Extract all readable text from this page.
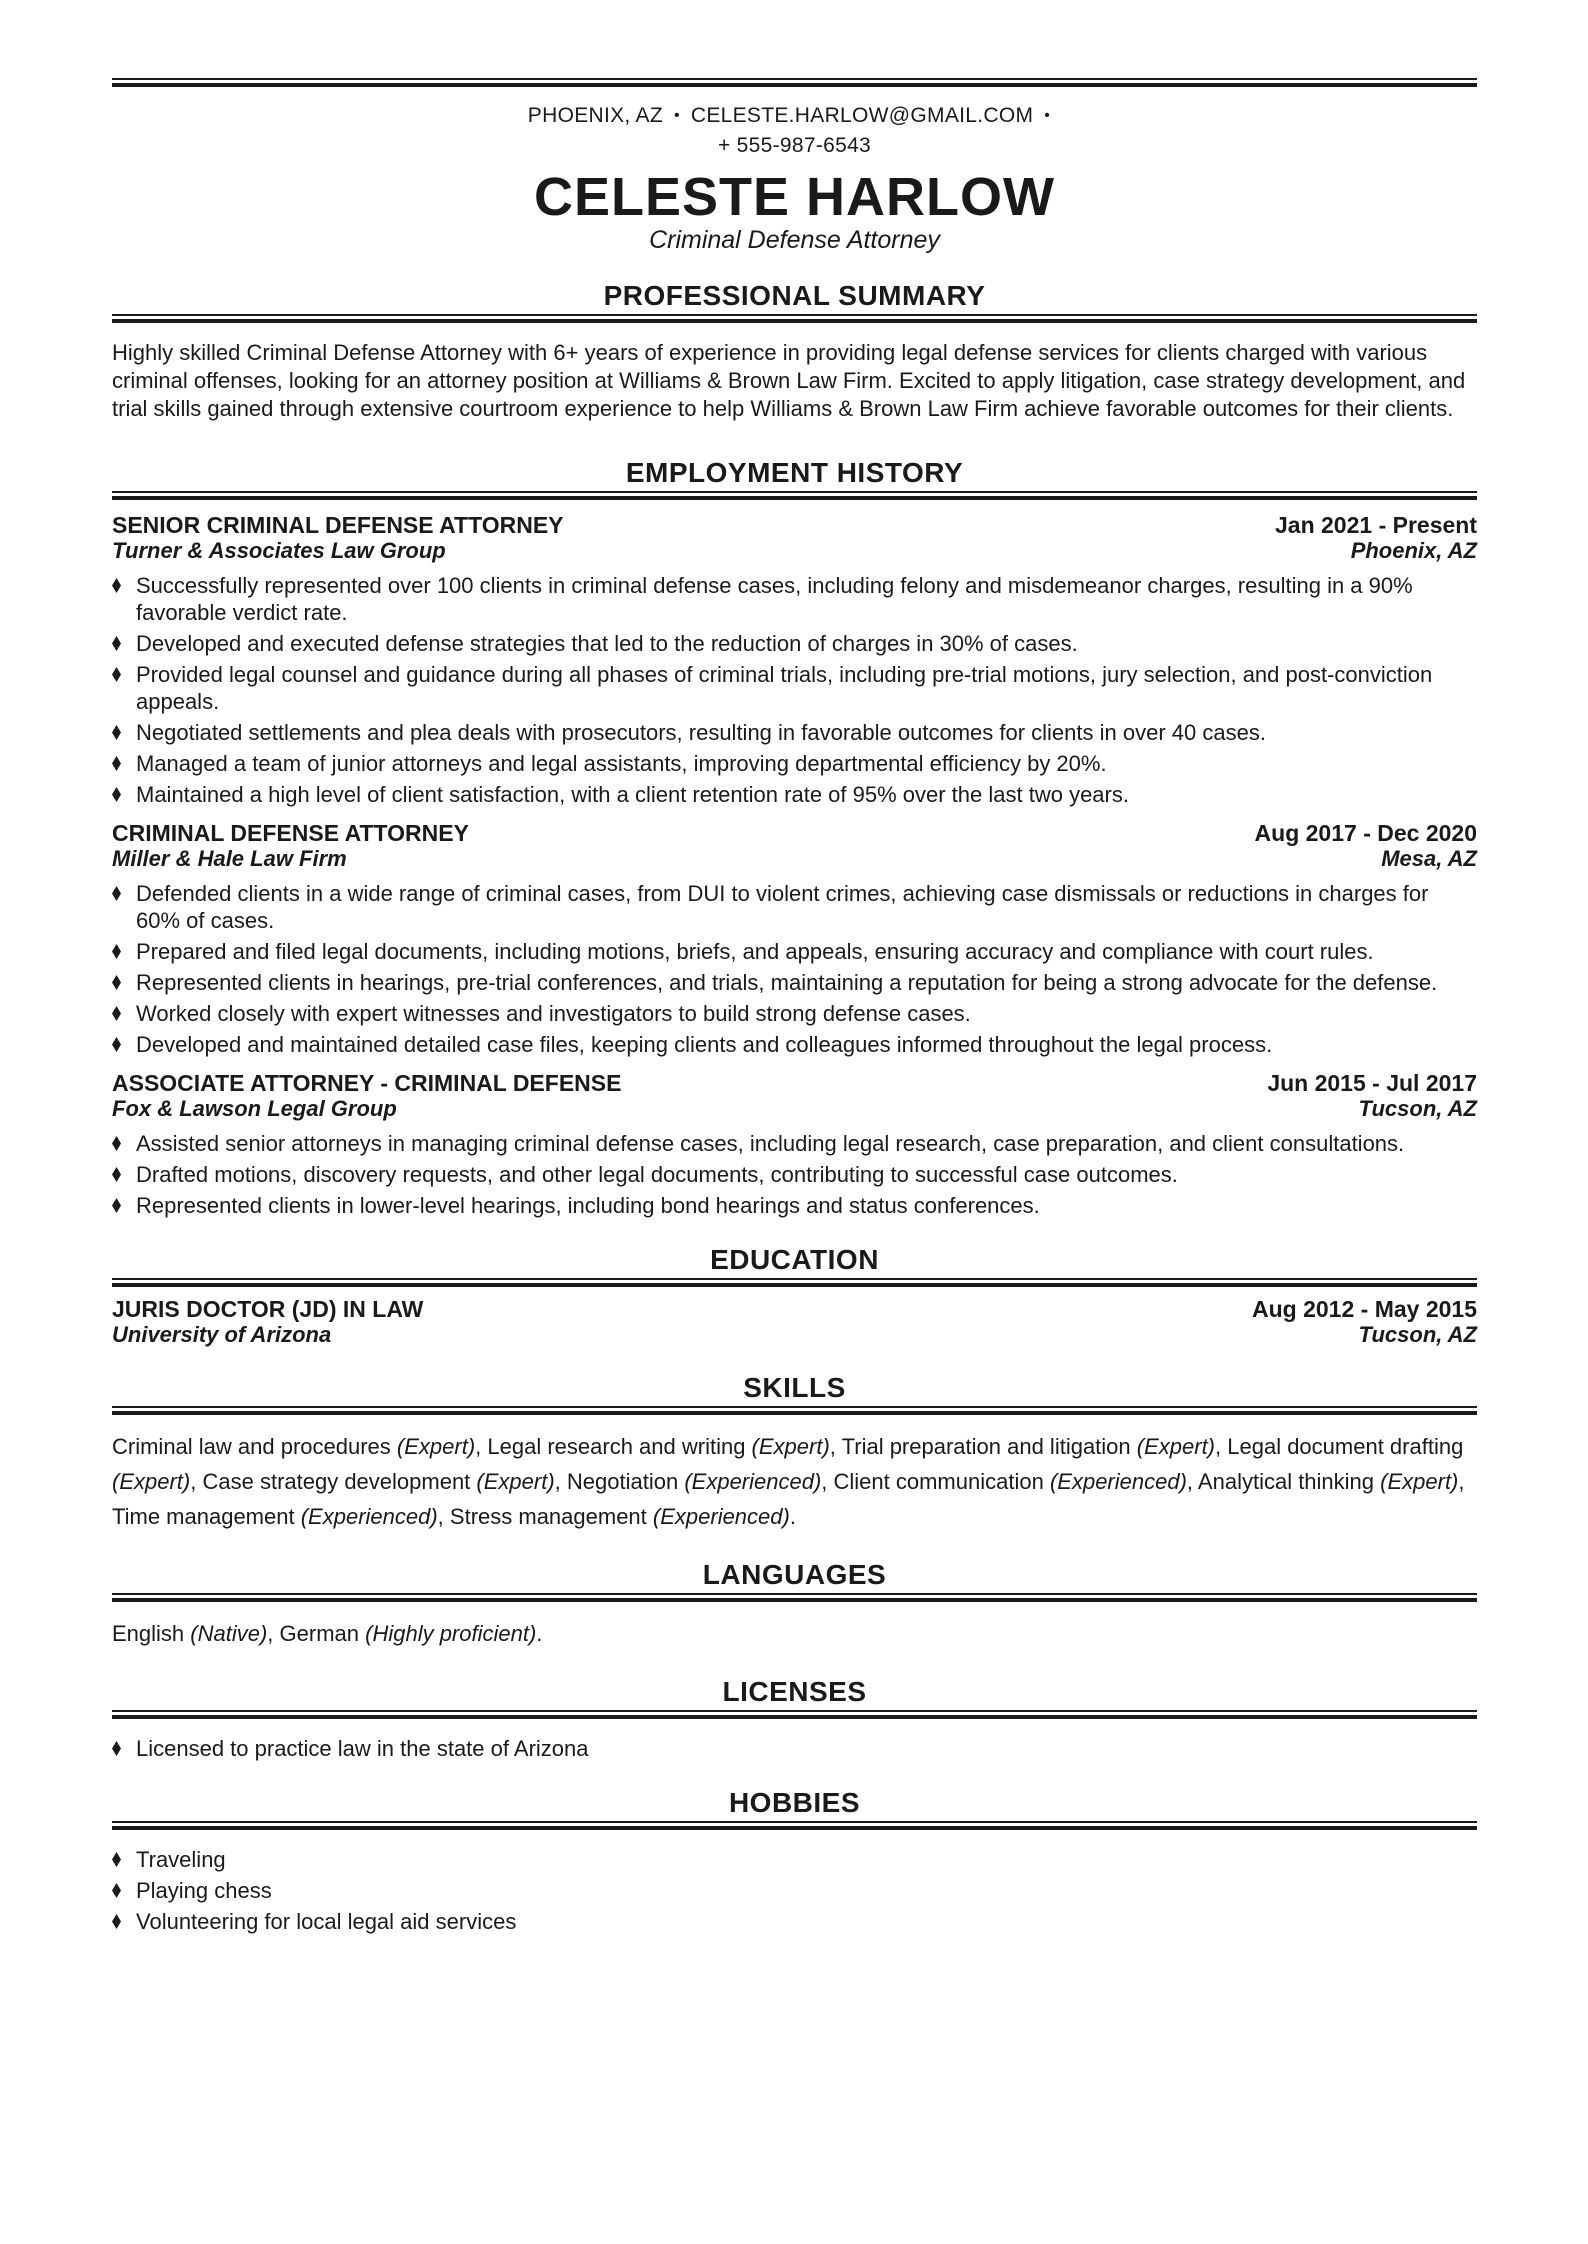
PHOENIX, AZ • CELESTE.HARLOW@GMAIL.COM •
+ 555-987-6543
CELESTE HARLOW
Criminal Defense Attorney
PROFESSIONAL SUMMARY

Highly skilled Criminal Defense Attorney with 6+ years of experience in providing legal defense services for clients charged with various criminal offenses, looking for an attorney position at Williams & Brown Law Firm. Excited to apply litigation, case strategy development, and trial skills gained through extensive courtroom experience to help Williams & Brown Law Firm achieve favorable outcomes for their clients.

EMPLOYMENT HISTORY
SENIOR CRIMINAL DEFENSE ATTORNEY	Jan 2021 - Present
Turner & Associates Law Group	Phoenix, AZ
Successfully represented over 100 clients in criminal defense cases, including felony and misdemeanor charges, resulting in a 90% favorable verdict rate.
Developed and executed defense strategies that led to the reduction of charges in 30% of cases.
Provided legal counsel and guidance during all phases of criminal trials, including pre-trial motions, jury selection, and post-conviction appeals.
Negotiated settlements and plea deals with prosecutors, resulting in favorable outcomes for clients in over 40 cases.
Managed a team of junior attorneys and legal assistants, improving departmental efficiency by 20%.
Maintained a high level of client satisfaction, with a client retention rate of 95% over the last two years.
CRIMINAL DEFENSE ATTORNEY	Aug 2017 - Dec 2020
Miller & Hale Law Firm	Mesa, AZ
Defended clients in a wide range of criminal cases, from DUI to violent crimes, achieving case dismissals or reductions in charges for 60% of cases.
Prepared and filed legal documents, including motions, briefs, and appeals, ensuring accuracy and compliance with court rules.
Represented clients in hearings, pre-trial conferences, and trials, maintaining a reputation for being a strong advocate for the defense.
Worked closely with expert witnesses and investigators to build strong defense cases.
Developed and maintained detailed case files, keeping clients and colleagues informed throughout the legal process.
ASSOCIATE ATTORNEY - CRIMINAL DEFENSE	Jun 2015 - Jul 2017
Fox & Lawson Legal Group	Tucson, AZ
Assisted senior attorneys in managing criminal defense cases, including legal research, case preparation, and client consultations.
Drafted motions, discovery requests, and other legal documents, contributing to successful case outcomes.
Represented clients in lower-level hearings, including bond hearings and status conferences.
EDUCATION
JURIS DOCTOR (JD) IN LAW	Aug 2012 - May 2015
University of Arizona	Tucson, AZ
SKILLS

Criminal law and procedures (Expert), Legal research and writing (Expert), Trial preparation and litigation (Expert), Legal document drafting (Expert), Case strategy development (Expert), Negotiation (Experienced), Client communication (Experienced), Analytical thinking (Expert), Time management (Experienced), Stress management (Experienced).

LANGUAGES

English (Native), German (Highly proficient).

LICENSES
Licensed to practice law in the state of Arizona
HOBBIES
Traveling
Playing chess
Volunteering for local legal aid services
